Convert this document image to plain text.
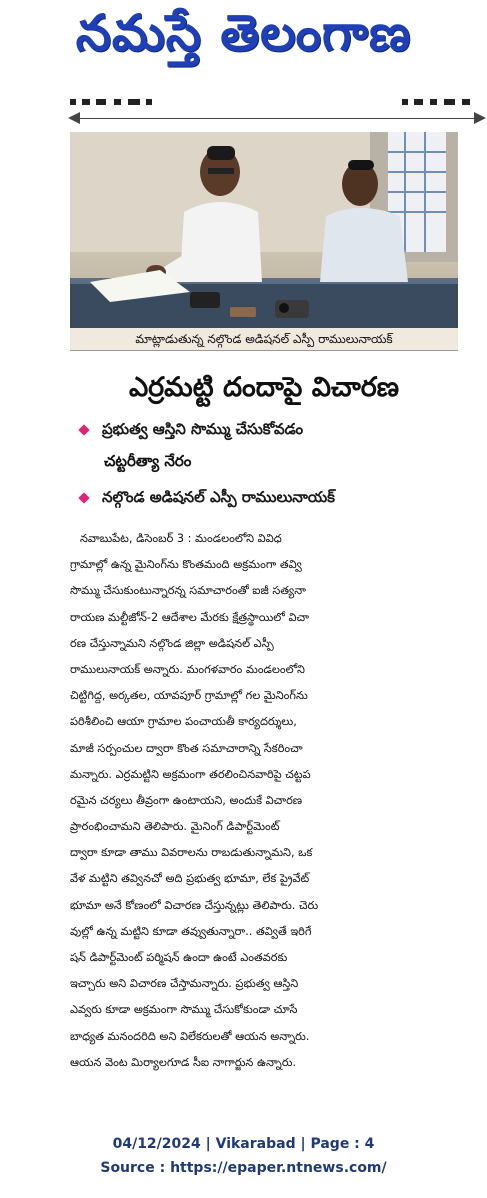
నమస్తే తెలంగాణ
మాట్లాడుతున్న నల్గొండ అడిషనల్ ఎస్పీ రాములునాయక్
ఎర్రమట్టి దందాపై విచారణ
ప్రభుత్వ ఆస్తిని సొమ్ము చేసుకోవడం
చట్టరీత్యా నేరం
నల్గొండ అడిషనల్ ఎస్పీ రాములునాయక్
నవాబుపేట, డిసెంబర్ 3 : మండలంలోని వివిధ
గ్రామాల్లో ఉన్న మైనింగ్‌ను కొంతమంది అక్రమంగా తవ్వి
సొమ్ము చేసుకుంటున్నారన్న సమాచారంతో ఐజీ సత్యనా
రాయణ మల్టీజోన్-2 ఆదేశాల మేరకు క్షేత్రస్థాయిలో విచా
రణ చేస్తున్నామని నల్గొండ జిల్లా అడిషనల్ ఎస్పీ
రాములునాయక్ అన్నారు. మంగళవారం మండలంలోని
చిట్టిగిద్ద, అర్కతల, యావపూర్ గ్రామాల్లో గల మైనింగ్‌ను
పరిశీలించి ఆయా గ్రామాల పంచాయతీ కార్యదర్శులు,
మాజీ సర్పంచుల ద్వారా కొంత సమాచారాన్ని సేకరించా
మన్నారు. ఎర్రమట్టిని అక్రమంగా తరలించినవారిపై చట్టప
రమైన చర్యలు తీవ్రంగా ఉంటాయని, అందుకే విచారణ
ప్రారంభించామని తెలిపారు. మైనింగ్ డిపార్ట్‌మెంట్
ద్వారా కూడా తాము వివరాలను రాబడుతున్నామని, ఒక
వేళ మట్టిని తవ్వినచో అది ప్రభుత్వ భూమా, లేక ప్రైవేట్
భూమా అనే కోణంలో విచారణ చేస్తున్నట్లు తెలిపారు. చెరు
వుల్లో ఉన్న మట్టిని కూడా తవ్వుతున్నారా.. తవ్వితే ఇరిగే
షన్ డిపార్ట్‌మెంట్ పర్మిషన్ ఉందా ఉంటే ఎంతవరకు
ఇచ్చారు అని విచారణ చేస్తామన్నారు. ప్రభుత్వ ఆస్తిని
ఎవ్వరు కూడా అక్రమంగా సొమ్ము చేసుకోకుండా చూసే
బాధ్యత మనందరిది అని విలేకరులతో ఆయన అన్నారు.
ఆయన వెంట మిర్యాలగూడ సీఐ నాగార్జున ఉన్నారు.
04/12/2024 | Vikarabad | Page : 4
Source : https://epaper.ntnews.com/
